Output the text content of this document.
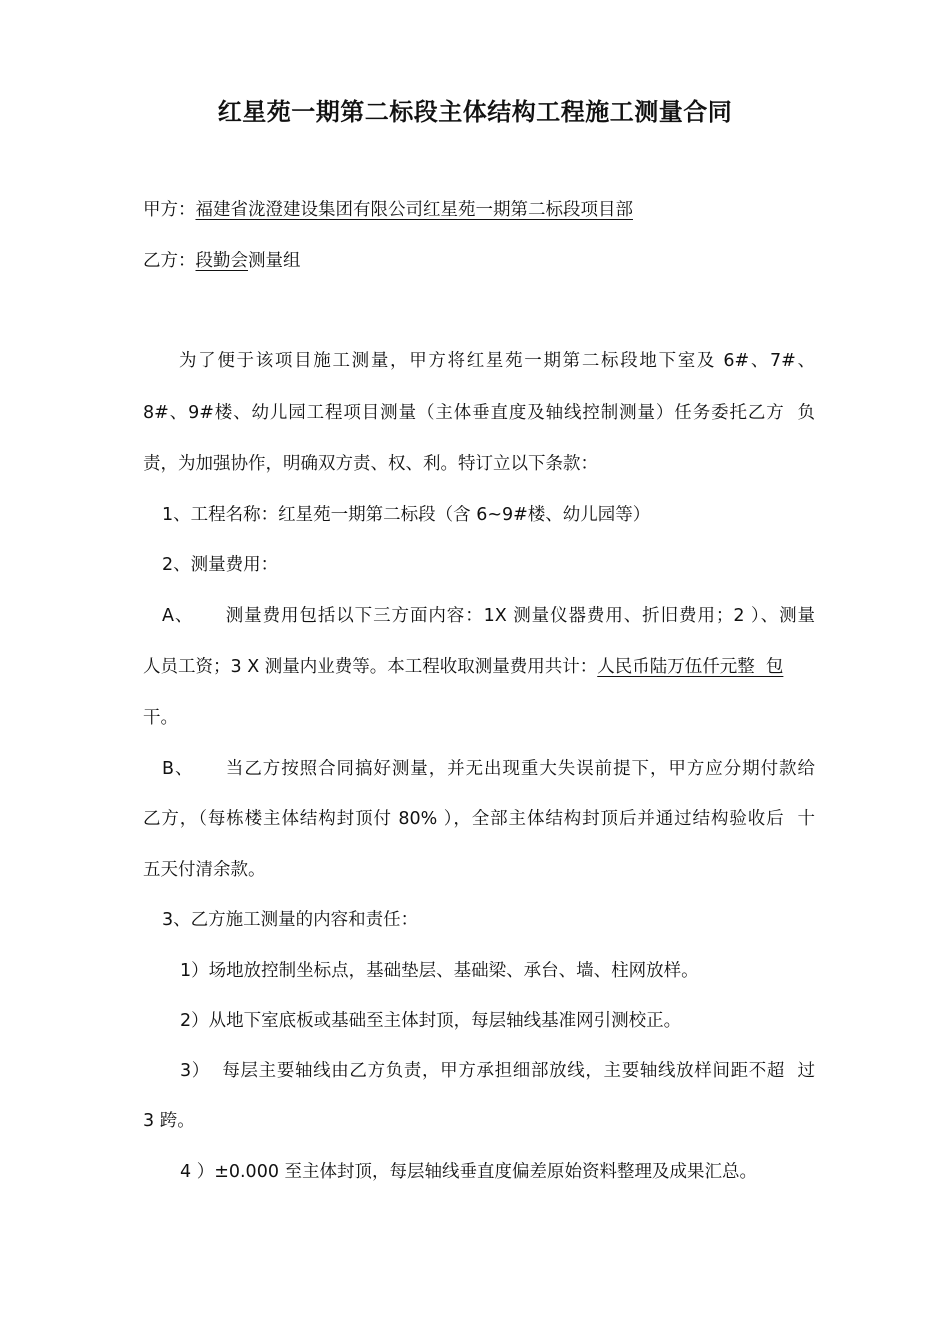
红星苑一期第二标段主体结构工程施工测量合同
甲方：福建省泷澄建设集团有限公司红星苑一期第二标段项目部
乙方：段勤会测量组
为了便于该项目施工测量，甲方将红星苑一期第二标段地下室及 6#、7#、
8#、9#楼、幼儿园工程项目测量（主体垂直度及轴线控制测量）任务委托乙方  负
责，为加强协作，明确双方责、权、利。特订立以下条款：
1、工程名称：红星苑一期第二标段（含 6~9#楼、幼儿园等）
2、测量费用：
A、     测量费用包括以下三方面内容：1X 测量仪器费用、折旧费用；2 ）、测量
人员工资；3 X 测量内业费等。本工程收取测量费用共计：人民币陆万伍仟元整  包
干。
B、     当乙方按照合同搞好测量，并无出现重大失误前提下，甲方应分期付款给
乙方，（每栋楼主体结构封顶付 80% ），全部主体结构封顶后并通过结构验收后  十
五天付清余款。
3、乙方施工测量的内容和责任：
1）场地放控制坐标点，基础垫层、基础梁、承台、墙、柱网放样。
2）从地下室底板或基础至主体封顶，每层轴线基准网引测校正。
3）  每层主要轴线由乙方负责，甲方承担细部放线，主要轴线放样间距不超  过
3 跨。
4 ）±0.000 至主体封顶，每层轴线垂直度偏差原始资料整理及成果汇总。
